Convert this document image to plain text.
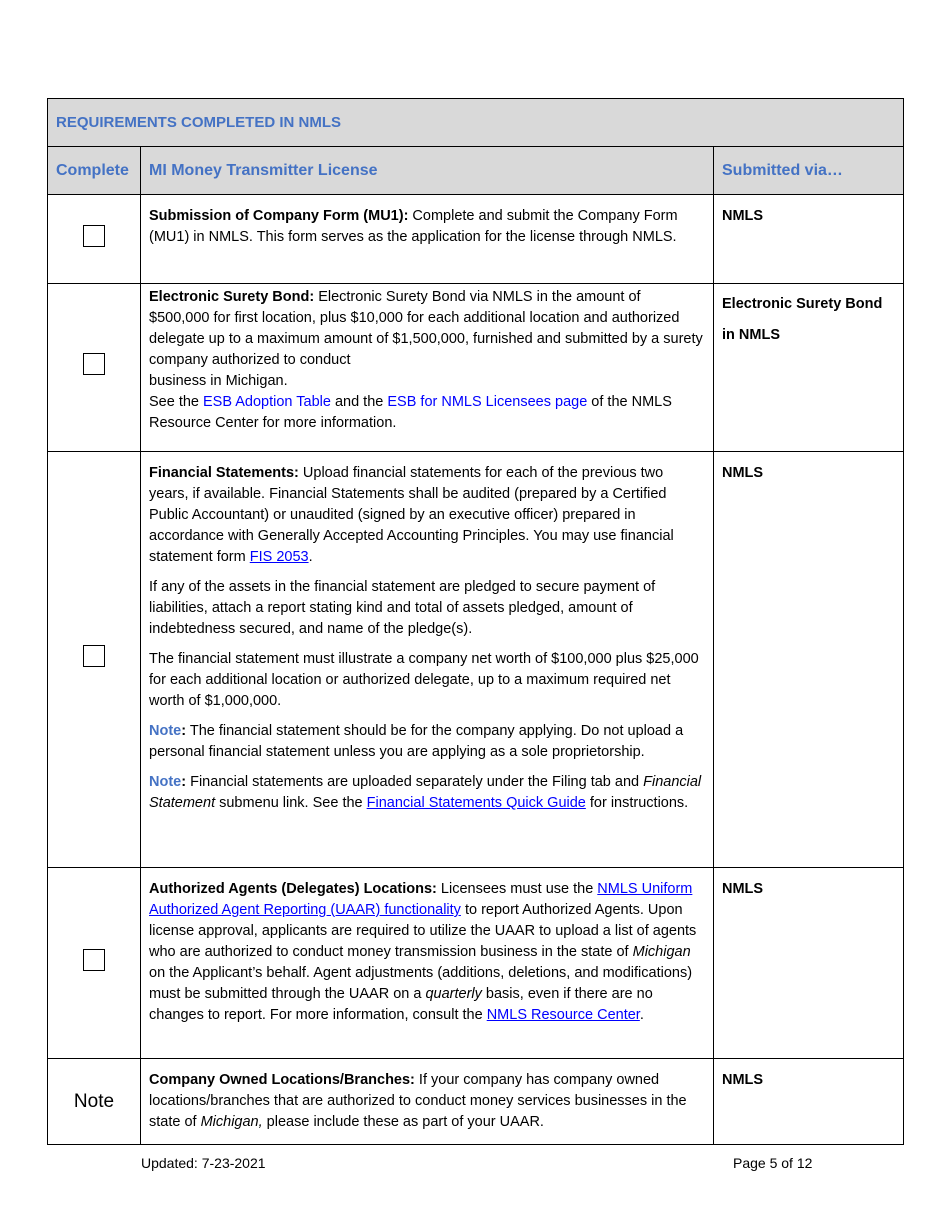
REQUIREMENTS COMPLETED IN NMLS		
Complete	MI Money Transmitter License	Submitted via…
	Submission of Company Form (MU1): Complete and submit the Company Form (MU1) in NMLS. This form serves as the application for the license through NMLS.	NMLS
	Electronic Surety Bond: Electronic Surety Bond via NMLS in the amount of $500,000 for first location, plus $10,000 for each additional location and authorized delegate up to a maximum amount of $1,500,000, furnished and submitted by a surety company authorized to conduct
business in Michigan.
See the ESB Adoption Table and the ESB for NMLS Licensees page of the NMLS Resource Center for more information.	Electronic Surety Bond
in NMLS

	Financial Statements: Upload financial statements for each of the previous two years, if available. Financial Statements shall be audited (prepared by a Certified Public Accountant) or unaudited (signed by an executive officer) prepared in accordance with Generally Accepted Accounting Principles. You may use financial statement form FIS 2053.

If any of the assets in the financial statement are pledged to secure payment of liabilities, attach a report stating kind and total of assets pledged, amount of indebtedness secured, and name of the pledge(s).

The financial statement must illustrate a company net worth of $100,000 plus $25,000 for each additional location or authorized delegate, up to a maximum required net worth of $1,000,000.

Note: The financial statement should be for the company applying. Do not upload a personal financial statement unless you are applying as a sole proprietorship.

Note: Financial statements are uploaded separately under the Filing tab and Financial Statement submenu link. See the Financial Statements Quick Guide for instructions.	NMLS
	Authorized Agents (Delegates) Locations: Licensees must use the NMLS Uniform Authorized Agent Reporting (UAAR) functionality to report Authorized Agents. Upon license approval, applicants are required to utilize the UAAR to upload a list of agents who are authorized to conduct money transmission business in the state of Michigan on the Applicant’s behalf. Agent adjustments (additions, deletions, and modifications) must be submitted through the UAAR on a quarterly basis, even if there are no changes to report. For more information, consult the NMLS Resource Center.	NMLS
Note	Company Owned Locations/Branches: If your company has company owned locations/branches that are authorized to conduct money services businesses in the state of Michigan, please include these as part of your UAAR.	NMLS
Updated: 7-23-2021	Page 5 of 12
